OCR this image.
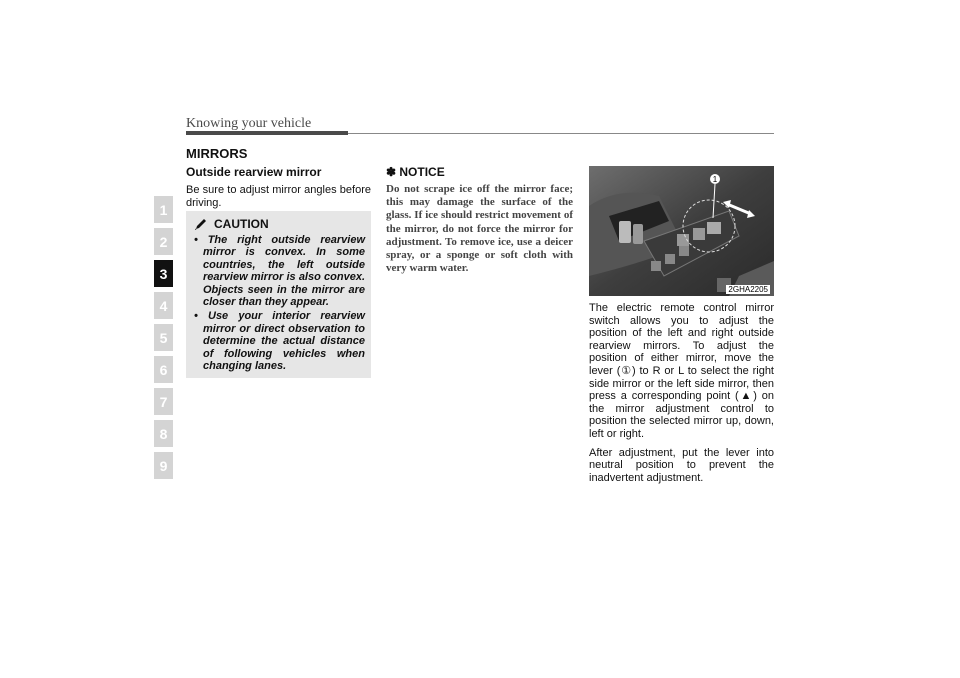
Knowing your vehicle
1
2
3
4
5
6
7
8
9
MIRRORS
Outside rearview mirror
Be sure to adjust mirror angles before driving.
CAUTION
• The right outside rearview mirror is convex. In some countries, the left outside rearview mirror is also convex. Objects seen in the mirror are closer than they appear.
• Use your interior rearview mirror or direct observation to determine the actual distance of following vehicles when changing lanes.
✽ NOTICE
Do not scrape ice off the mirror face; this may damage the surface of the glass. If ice should restrict movement of the mirror, do not force the mirror for adjustment. To remove ice, use a deicer spray, or a sponge or soft cloth with very warm water.
1
2GHA2205

The electric remote control mirror switch allows you to adjust the position of the left and right outside rearview mirrors. To adjust the position of either mirror, move the lever (①) to R or L to select the right side mirror or the left side mirror, then press a corresponding point (▲) on the mirror adjustment control to position the selected mirror up, down, left or right.

After adjustment, put the lever into neutral position to prevent the inadvertent adjustment.
